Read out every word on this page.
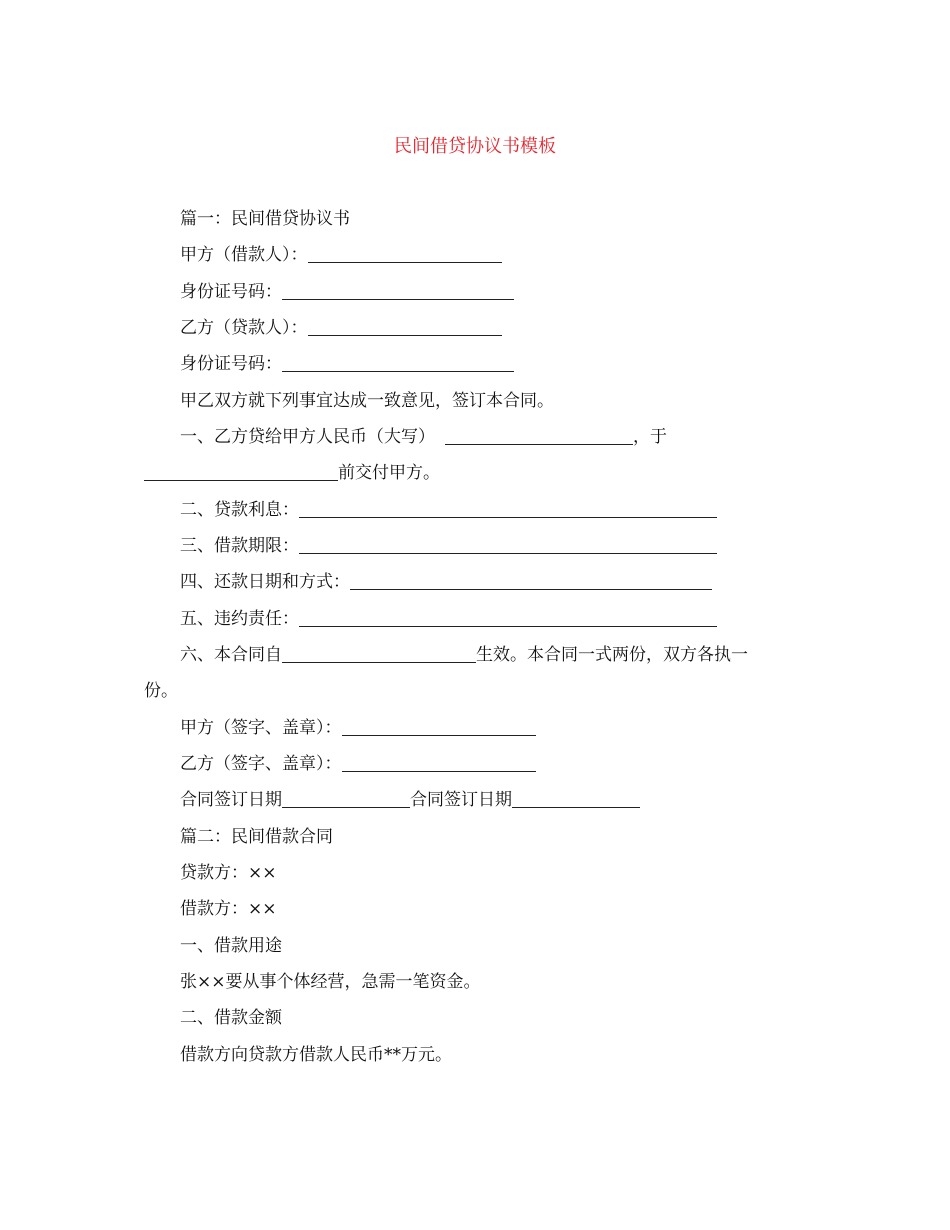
民间借贷协议书模板
篇一：民间借贷协议书
甲方（借款人）：
身份证号码：
乙方（贷款人）：
身份证号码：
甲乙双方就下列事宜达成一致意见，签订本合同。
一、乙方贷给甲方人民币（大写）	，于
前交付甲方。
二、贷款利息：
三、借款期限：
四、还款日期和方式：
五、违约责任：
六、本合同自	生效。本合同一式两份，双方各执一
份。
甲方（签字、盖章）：
乙方（签字、盖章）：
合同签订日期	合同签订日期
篇二：民间借款合同
贷款方：××
借款方：××
一、借款用途
张××要从事个体经营，急需一笔资金。
二、借款金额
借款方向贷款方借款人民币**万元。
